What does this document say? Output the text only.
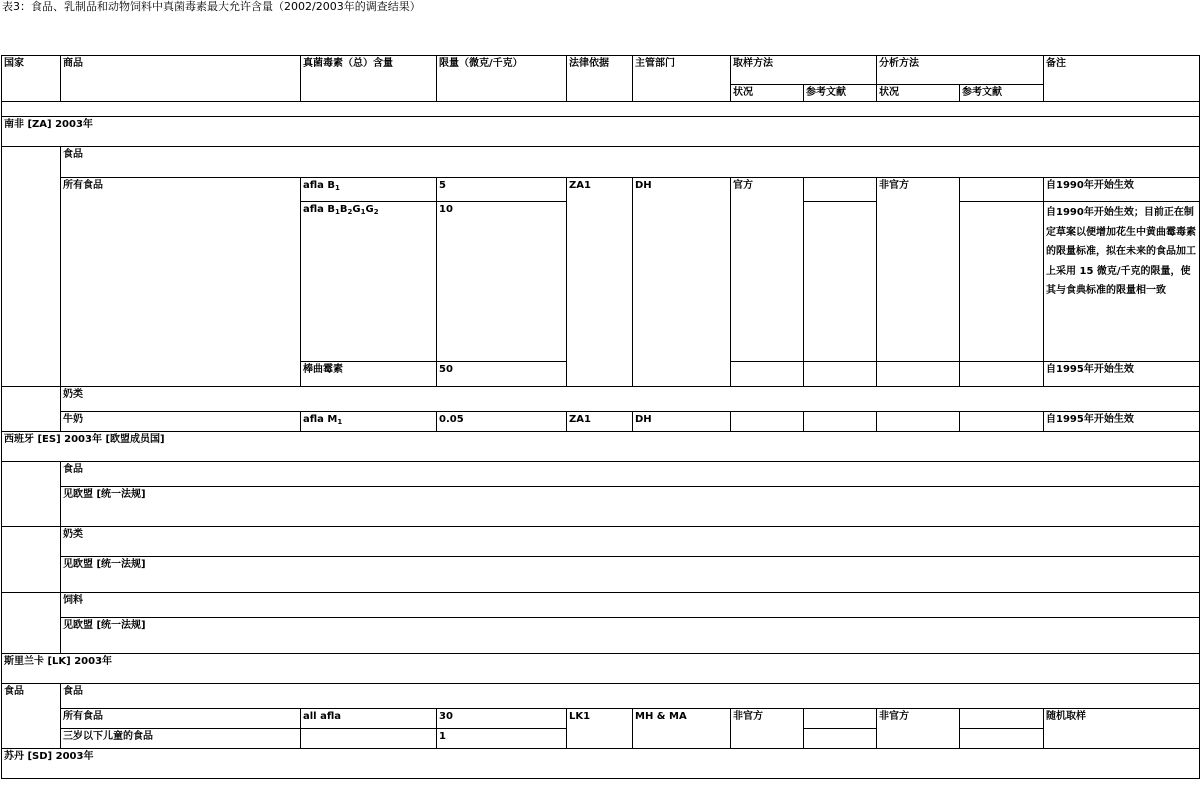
表3：食品、乳制品和动物饲料中真菌毒素最大允许含量（2002/2003年的调查结果）
国家	商品	真菌毒素（总）含量	限量（微克/千克）	法律依据	主管部门	取样方法		分析方法		备注
						状况	参考文献	状况	参考文献	

南非 [ZA] 2003年										
	食品									
	所有食品	afla $B_1$	5	ZA1	DH	官方		非官方		自1990年开始生效
		afla $B_1B_2G_1G_2$	10							自1990年开始生效；目前正在制定草案以便增加花生中黄曲霉毒素的限量标准，拟在未来的食品加工上采用 15 微克/千克的限量，使其与食典标准的限量相一致
		棒曲霉素	50							自1995年开始生效
	奶类									
	牛奶	afla $M_1$	0.05	ZA1	DH					自1995年开始生效
西班牙 [ES] 2003年 [欧盟成员国]										
	食品									
	见欧盟 [统一法规]									
	奶类									
	见欧盟 [统一法规]									
	饲料									
	见欧盟 [统一法规]									
斯里兰卡 [LK] 2003年										
食品	食品									
	所有食品	all afla	30	LK1	MH & MA	非官方		非官方		随机取样
	三岁以下儿童的食品		1							
苏丹 [SD] 2003年										
